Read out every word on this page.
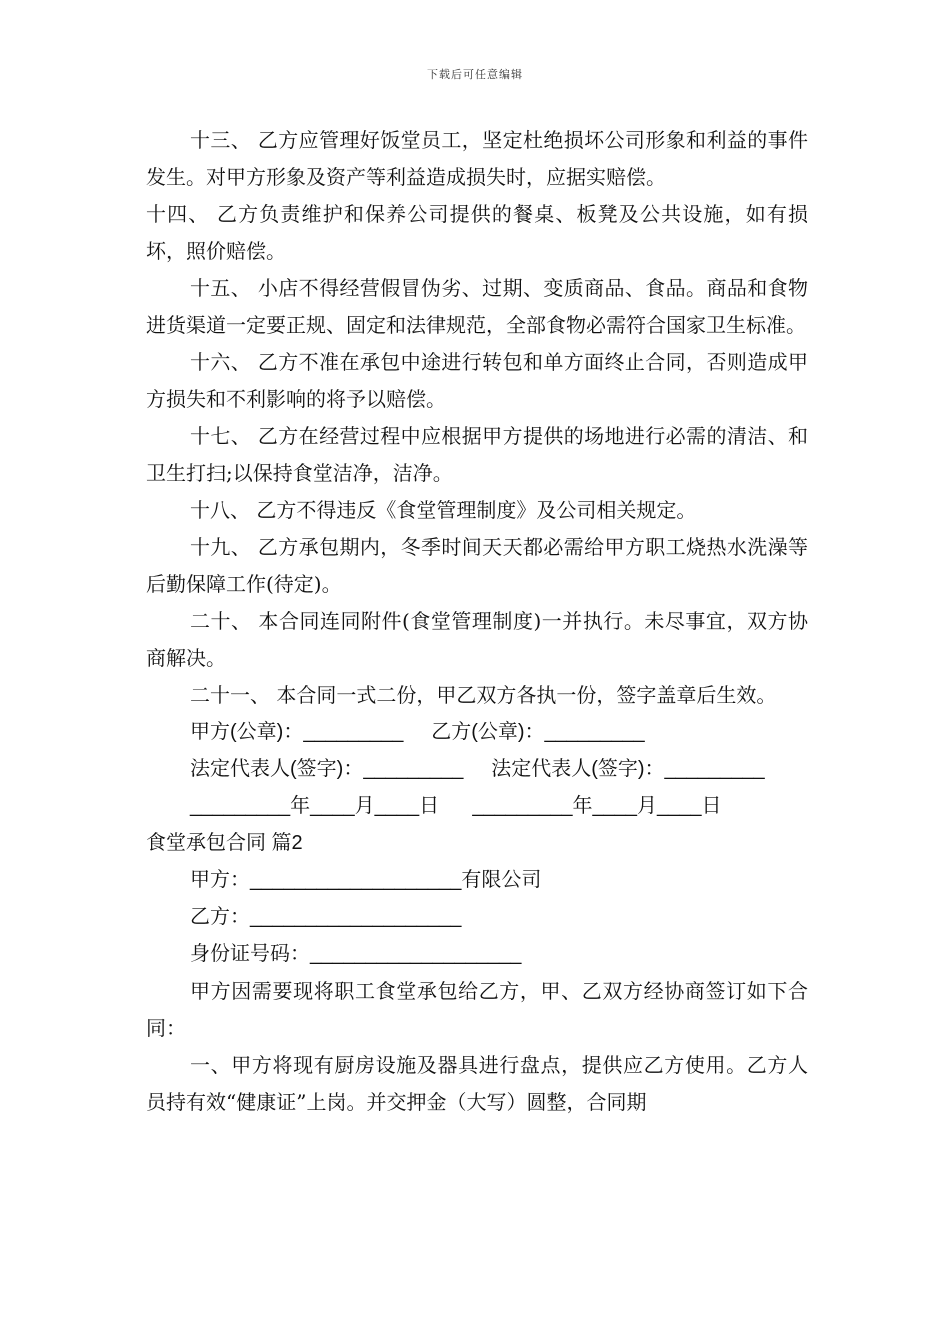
下载后可任意编辑

十三、 乙方应管理好饭堂员工，坚定杜绝损坏公司形象和利益的事件发生。对甲方形象及资产等利益造成损失时，应据实赔偿。

十四、 乙方负责维护和保养公司提供的餐桌、板凳及公共设施，如有损坏，照价赔偿。

十五、 小店不得经营假冒伪劣、过期、变质商品、食品。商品和食物进货渠道一定要正规、固定和法律规范，全部食物必需符合国家卫生标准。

十六、 乙方不准在承包中途进行转包和单方面终止合同，否则造成甲方损失和不利影响的将予以赔偿。

十七、 乙方在经营过程中应根据甲方提供的场地进行必需的清洁、和卫生打扫;以保持食堂洁净，洁净。

十八、 乙方不得违反《食堂管理制度》及公司相关规定。

十九、 乙方承包期内，冬季时间天天都必需给甲方职工烧热水洗澡等后勤保障工作(待定)。

二十、 本合同连同附件(食堂管理制度)一并执行。未尽事宜，双方协商解决。

二十一、 本合同一式二份，甲乙双方各执一份，签字盖章后生效。

甲方(公章)：_________     乙方(公章)：_________

法定代表人(签字)：_________     法定代表人(签字)：_________

_________年____月____日      _________年____月____日

食堂承包合同 篇2

甲方：___________________有限公司

乙方：___________________

身份证号码：___________________

甲方因需要现将职工食堂承包给乙方，甲、乙双方经协商签订如下合同：

一、甲方将现有厨房设施及器具进行盘点，提供应乙方使用。乙方人员持有效“健康证”上岗。并交押金（大写）圆整，合同期
